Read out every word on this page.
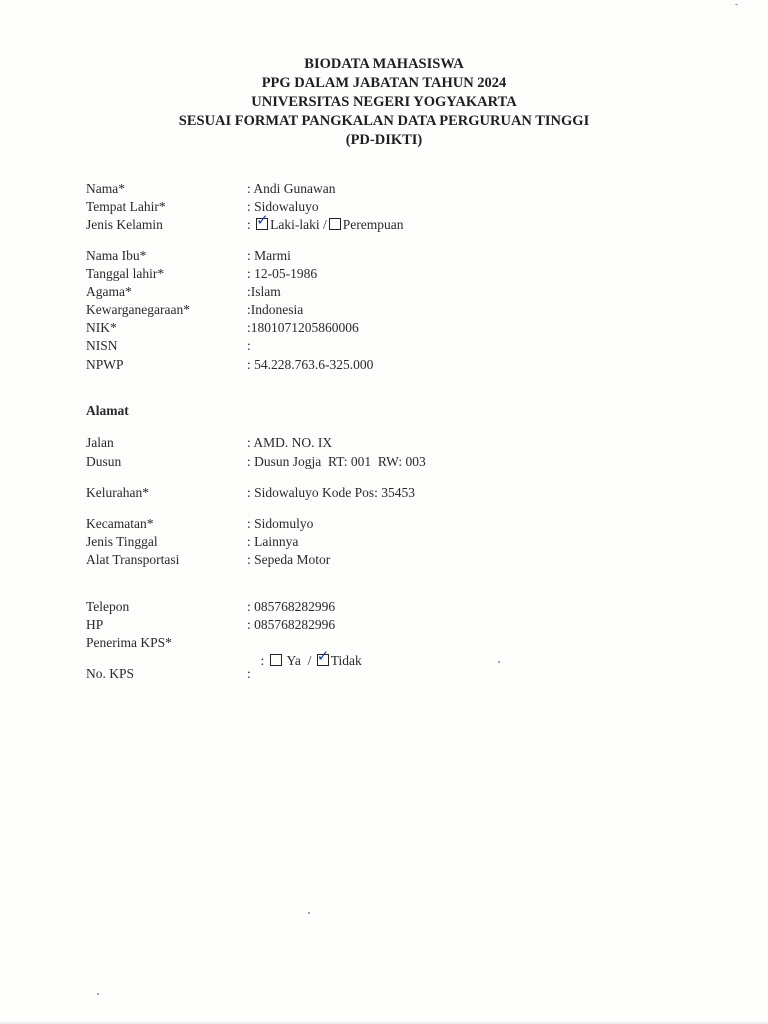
BIODATA MAHASISWA
PPG DALAM JABATAN TAHUN 2024
UNIVERSITAS NEGERI YOGYAKARTA
SESUAI FORMAT PANGKALAN DATA PERGURUAN TINGGI
(PD-DIKTI)
Nama*	: Andi Gunawan
Tempat Lahir*	: Sidowaluyo
Jenis Kelamin	: ✓ Laki-laki / Perempuan
Nama Ibu*	: Marmi
Tanggal lahir*	: 12-05-1986
Agama*	:Islam
Kewarganegaraan*	:Indonesia
NIK*	:1801071205860006
NISN	:
NPWP	: 54.228.763.6-325.000
Alamat
Jalan	: AMD. NO. IX
Dusun	: Dusun Jogja  RT: 001  RW: 003
Kelurahan*	: Sidowaluyo Kode Pos: 35453
Kecamatan*	: Sidomulyo
Jenis Tinggal	: Lainnya
Alat Transportasi	: Sepeda Motor
Telepon	: 085768282996
HP	: 085768282996
Penerima KPS*

:  Ya  / ✓ Tidak

No. KPS	:
